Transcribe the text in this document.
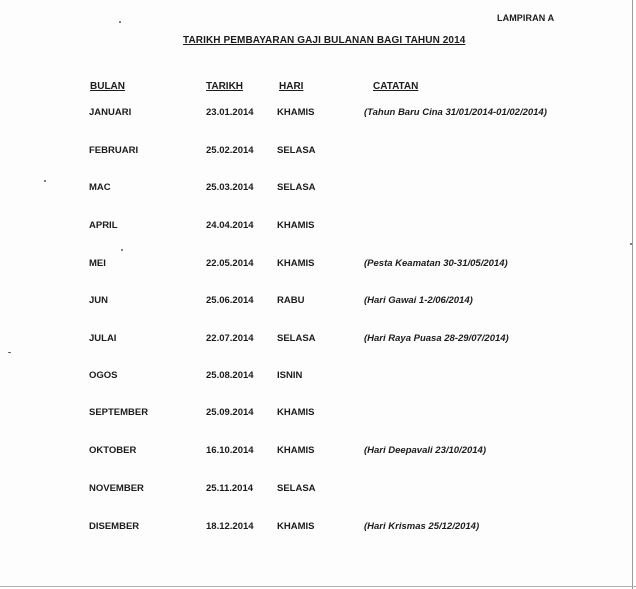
LAMPIRAN A
TARIKH PEMBAYARAN GAJI BULANAN BAGI TAHUN 2014
BULAN	TARIKH	HARI	CATATAN
JANUARI	23.01.2014 KHAMIS	(Tahun Baru Cina 31/01/2014-01/02/2014)
FEBRUARI	25.02.2014 SELASA
MAC	25.03.2014 SELASA
APRIL	24.04.2014 KHAMIS
MEI	22.05.2014 KHAMIS	(Pesta Keamatan 30-31/05/2014)
JUN	25.06.2014 RABU	(Hari Gawai 1-2/06/2014)
JULAI	22.07.2014 SELASA	(Hari Raya Puasa 28-29/07/2014)
OGOS	25.08.2014 ISNIN
SEPTEMBER	25.09.2014 KHAMIS
OKTOBER	16.10.2014 KHAMIS	(Hari Deepavali 23/10/2014)
NOVEMBER	25.11.2014	SELASA
DISEMBER	18.12.2014 KHAMIS	(Hari Krismas 25/12/2014)
